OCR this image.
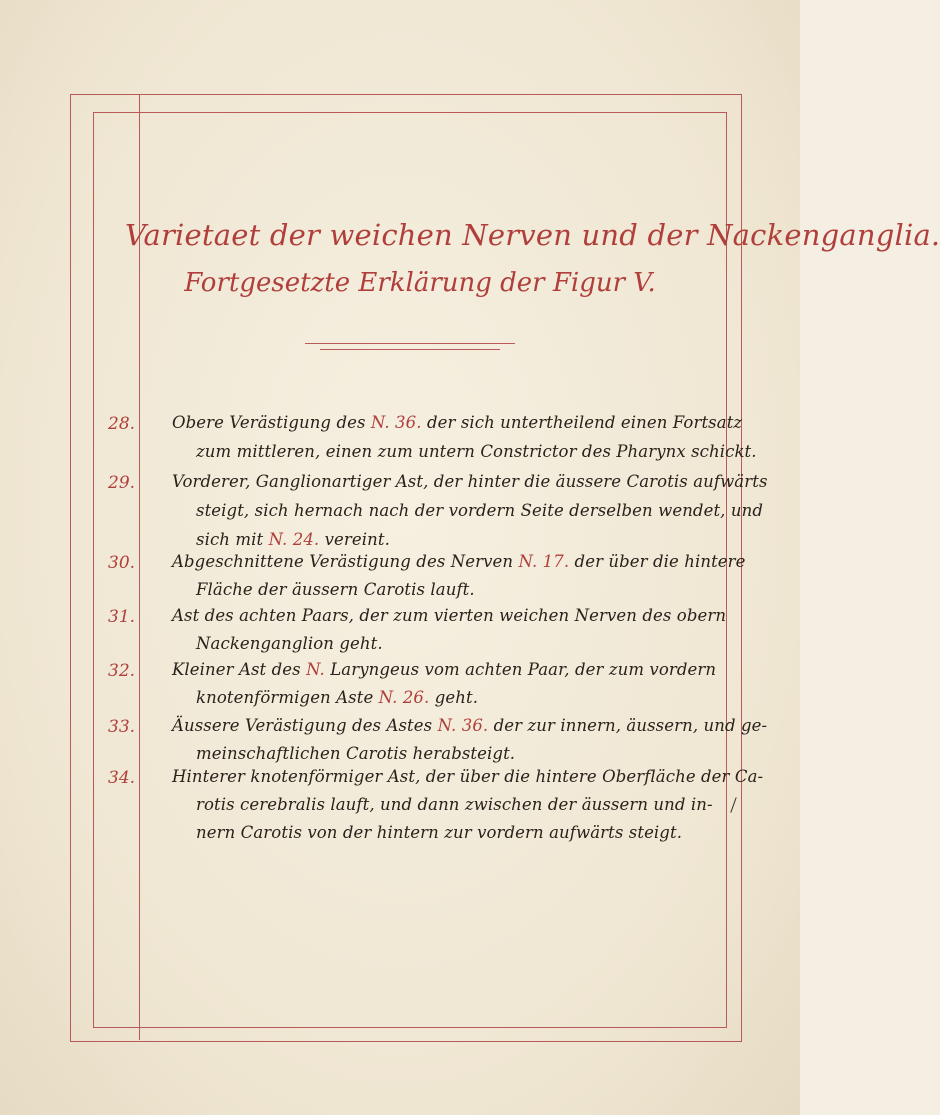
Varietaet der weichen Nerven und der Nackenganglia.
Fortgesetzte Erklärung der Figur V.
28.	Obere Verästigung des N. 36. der sich untertheilend einen Fortsatz
zum mittleren, einen zum untern Constrictor des Pharynx schickt.
29.	Vorderer, Ganglionartiger Ast, der hinter die äussere Carotis aufwärts
steigt, sich hernach nach der vordern Seite derselben wendet, und
sich mit N. 24. vereint.
30.	Abgeschnittene Verästigung des Nerven N. 17. der über die hintere
Fläche der äussern Carotis lauft.
31.	Ast des achten Paars, der zum vierten weichen Nerven des obern
Nackenganglion geht.
32.	Kleiner Ast des N. Laryngeus vom achten Paar, der zum vordern
knotenförmigen Aste N. 26. geht.
33.	Äussere Verästigung des Astes N. 36. der zur innern, äussern, und ge-
meinschaftlichen Carotis herabsteigt.
34.	Hinterer knotenförmiger Ast, der über die hintere Oberfläche der Ca-
rotis cerebralis lauft, und dann zwischen der äussern und in-
nern Carotis von der hintern zur vordern aufwärts steigt.
